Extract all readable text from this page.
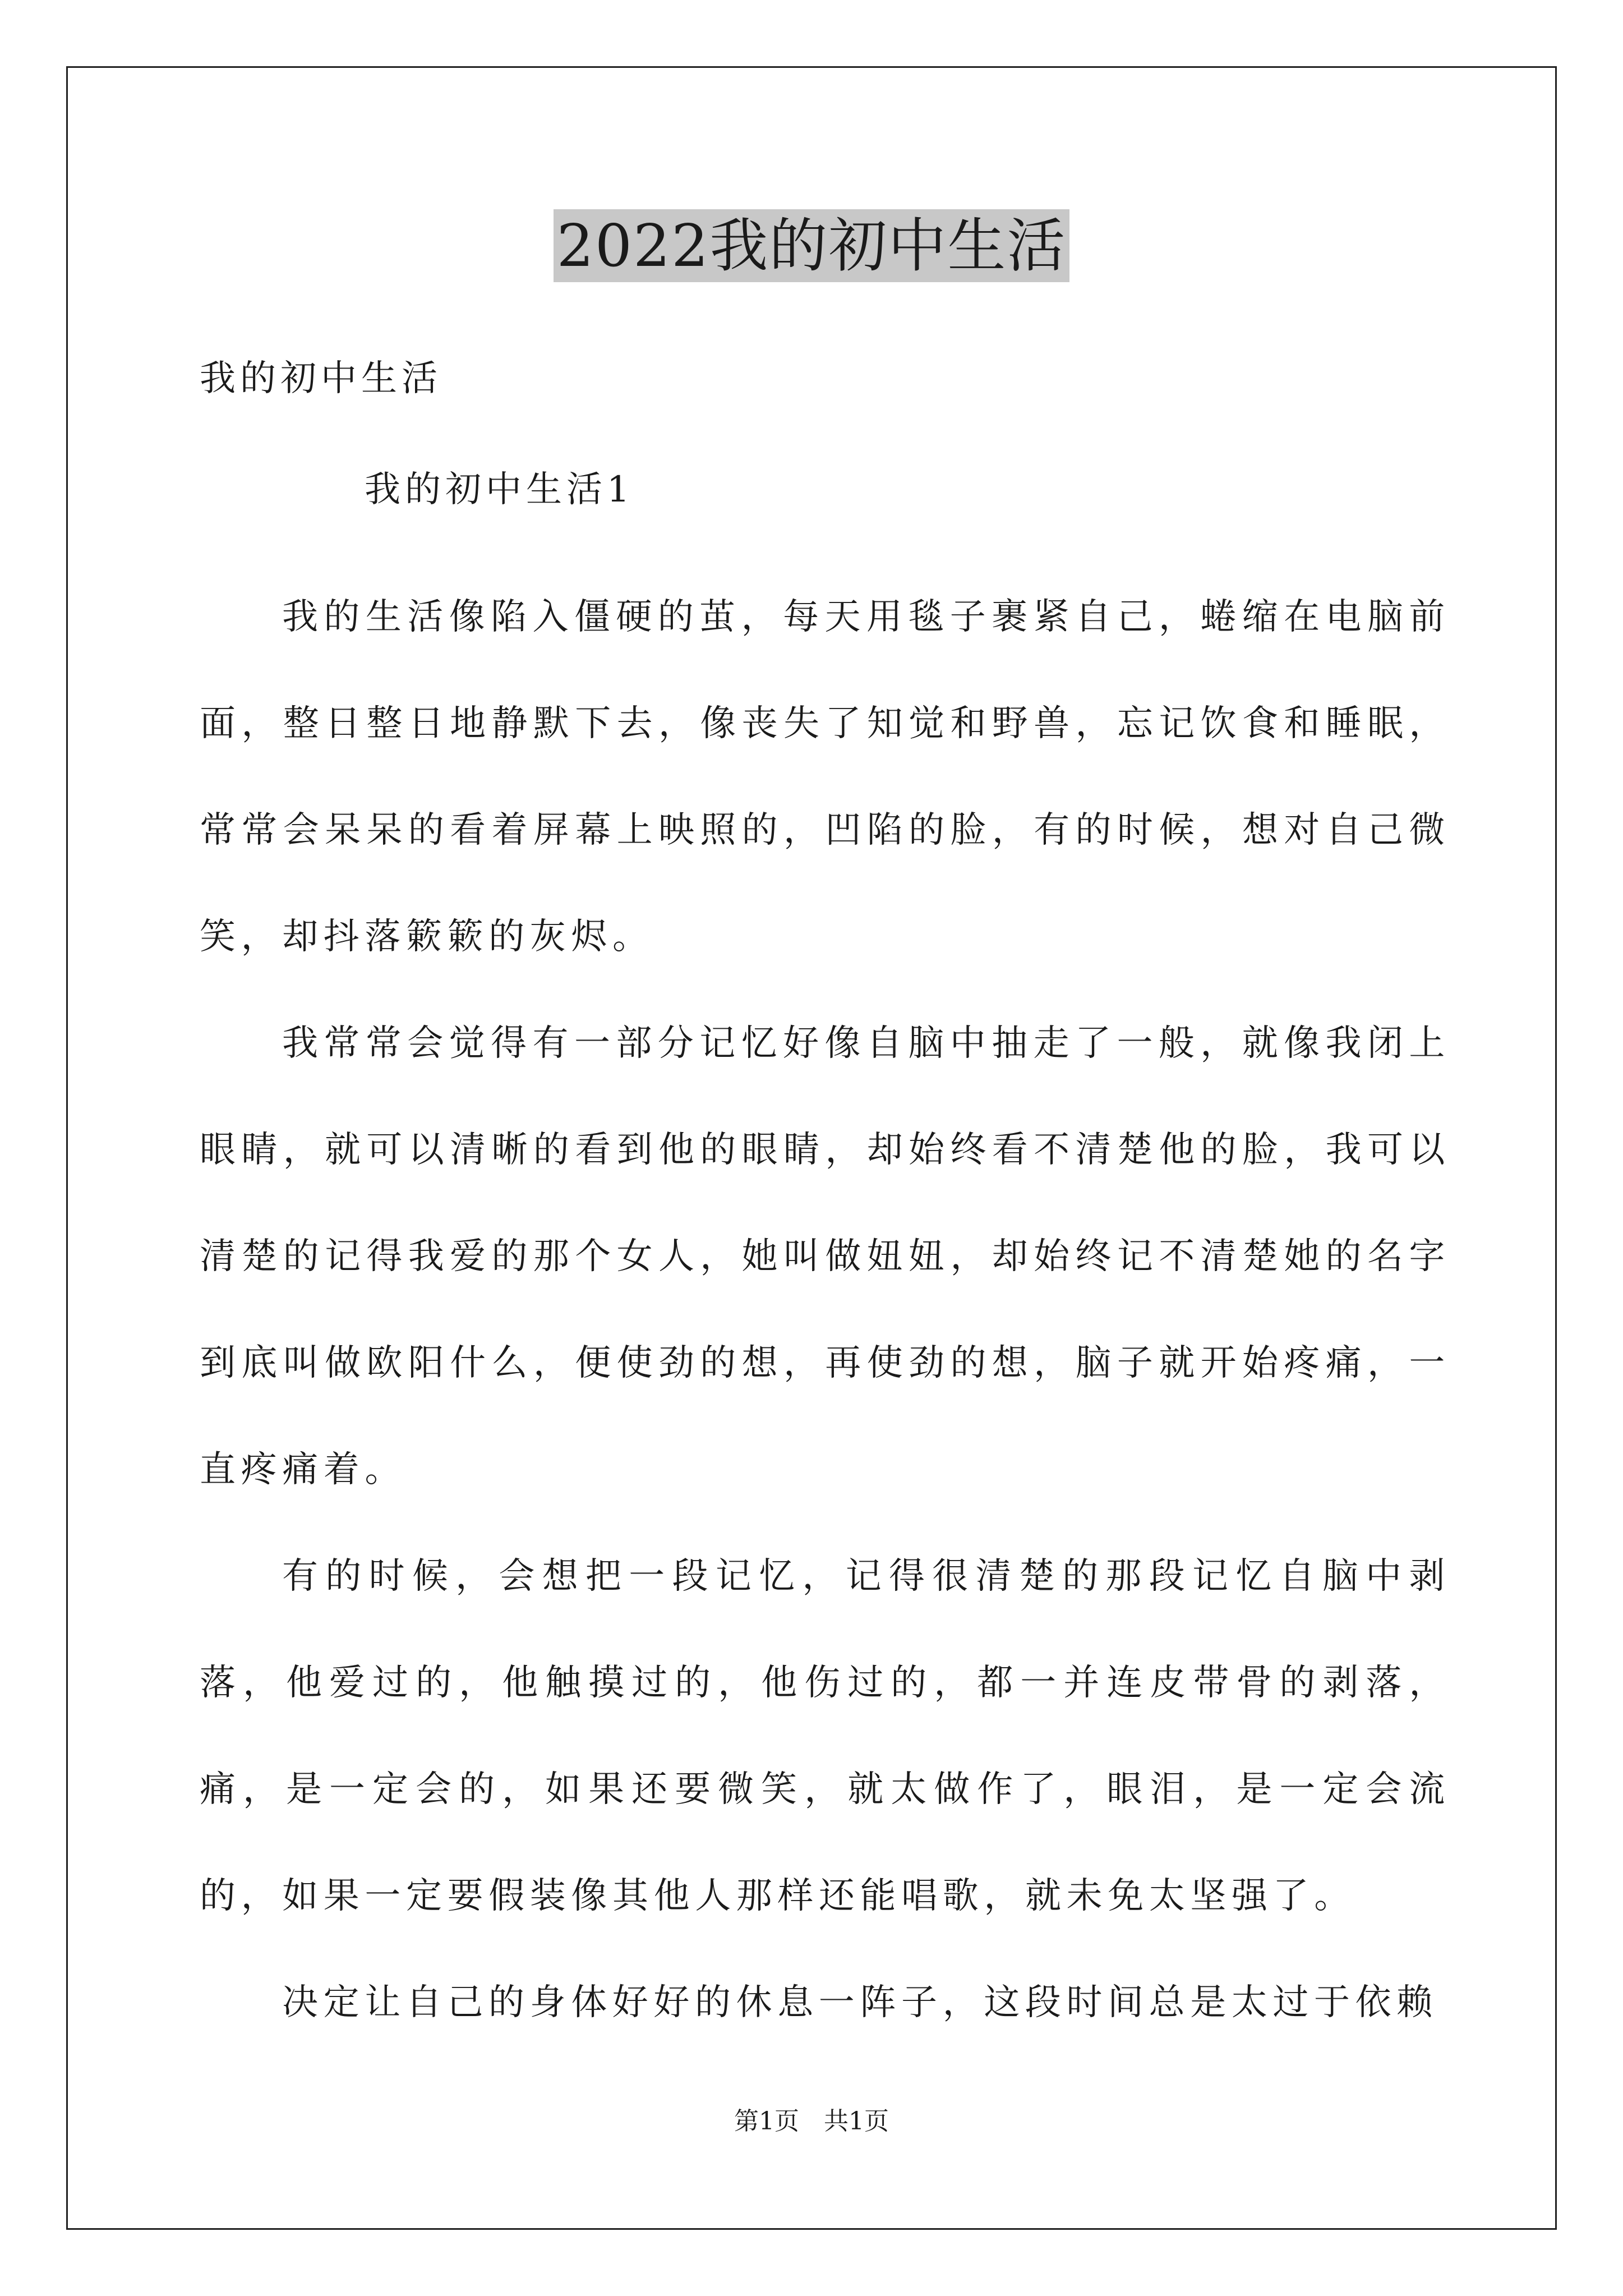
2022我的初中生活
我的初中生活
我的初中生活1

我的生活像陷入僵硬的茧，每天用毯子裹紧自己，蜷缩在电脑前面，整日整日地静默下去，像丧失了知觉和野兽，忘记饮食和睡眠，常常会呆呆的看着屏幕上映照的，凹陷的脸，有的时候，想对自己微笑，却抖落簌簌的灰烬。

我常常会觉得有一部分记忆好像自脑中抽走了一般，就像我闭上眼睛，就可以清晰的看到他的眼睛，却始终看不清楚他的脸，我可以清楚的记得我爱的那个女人，她叫做妞妞，却始终记不清楚她的名字到底叫做欧阳什么，便使劲的想，再使劲的想，脑子就开始疼痛，一直疼痛着。

有的时候，会想把一段记忆，记得很清楚的那段记忆自脑中剥落，他爱过的，他触摸过的，他伤过的，都一并连皮带骨的剥落，痛，是一定会的，如果还要微笑，就太做作了，眼泪，是一定会流的，如果一定要假装像其他人那样还能唱歌，就未免太坚强了。

决定让自己的身体好好的休息一阵子，这段时间总是太过于依赖

第1页 共1页
